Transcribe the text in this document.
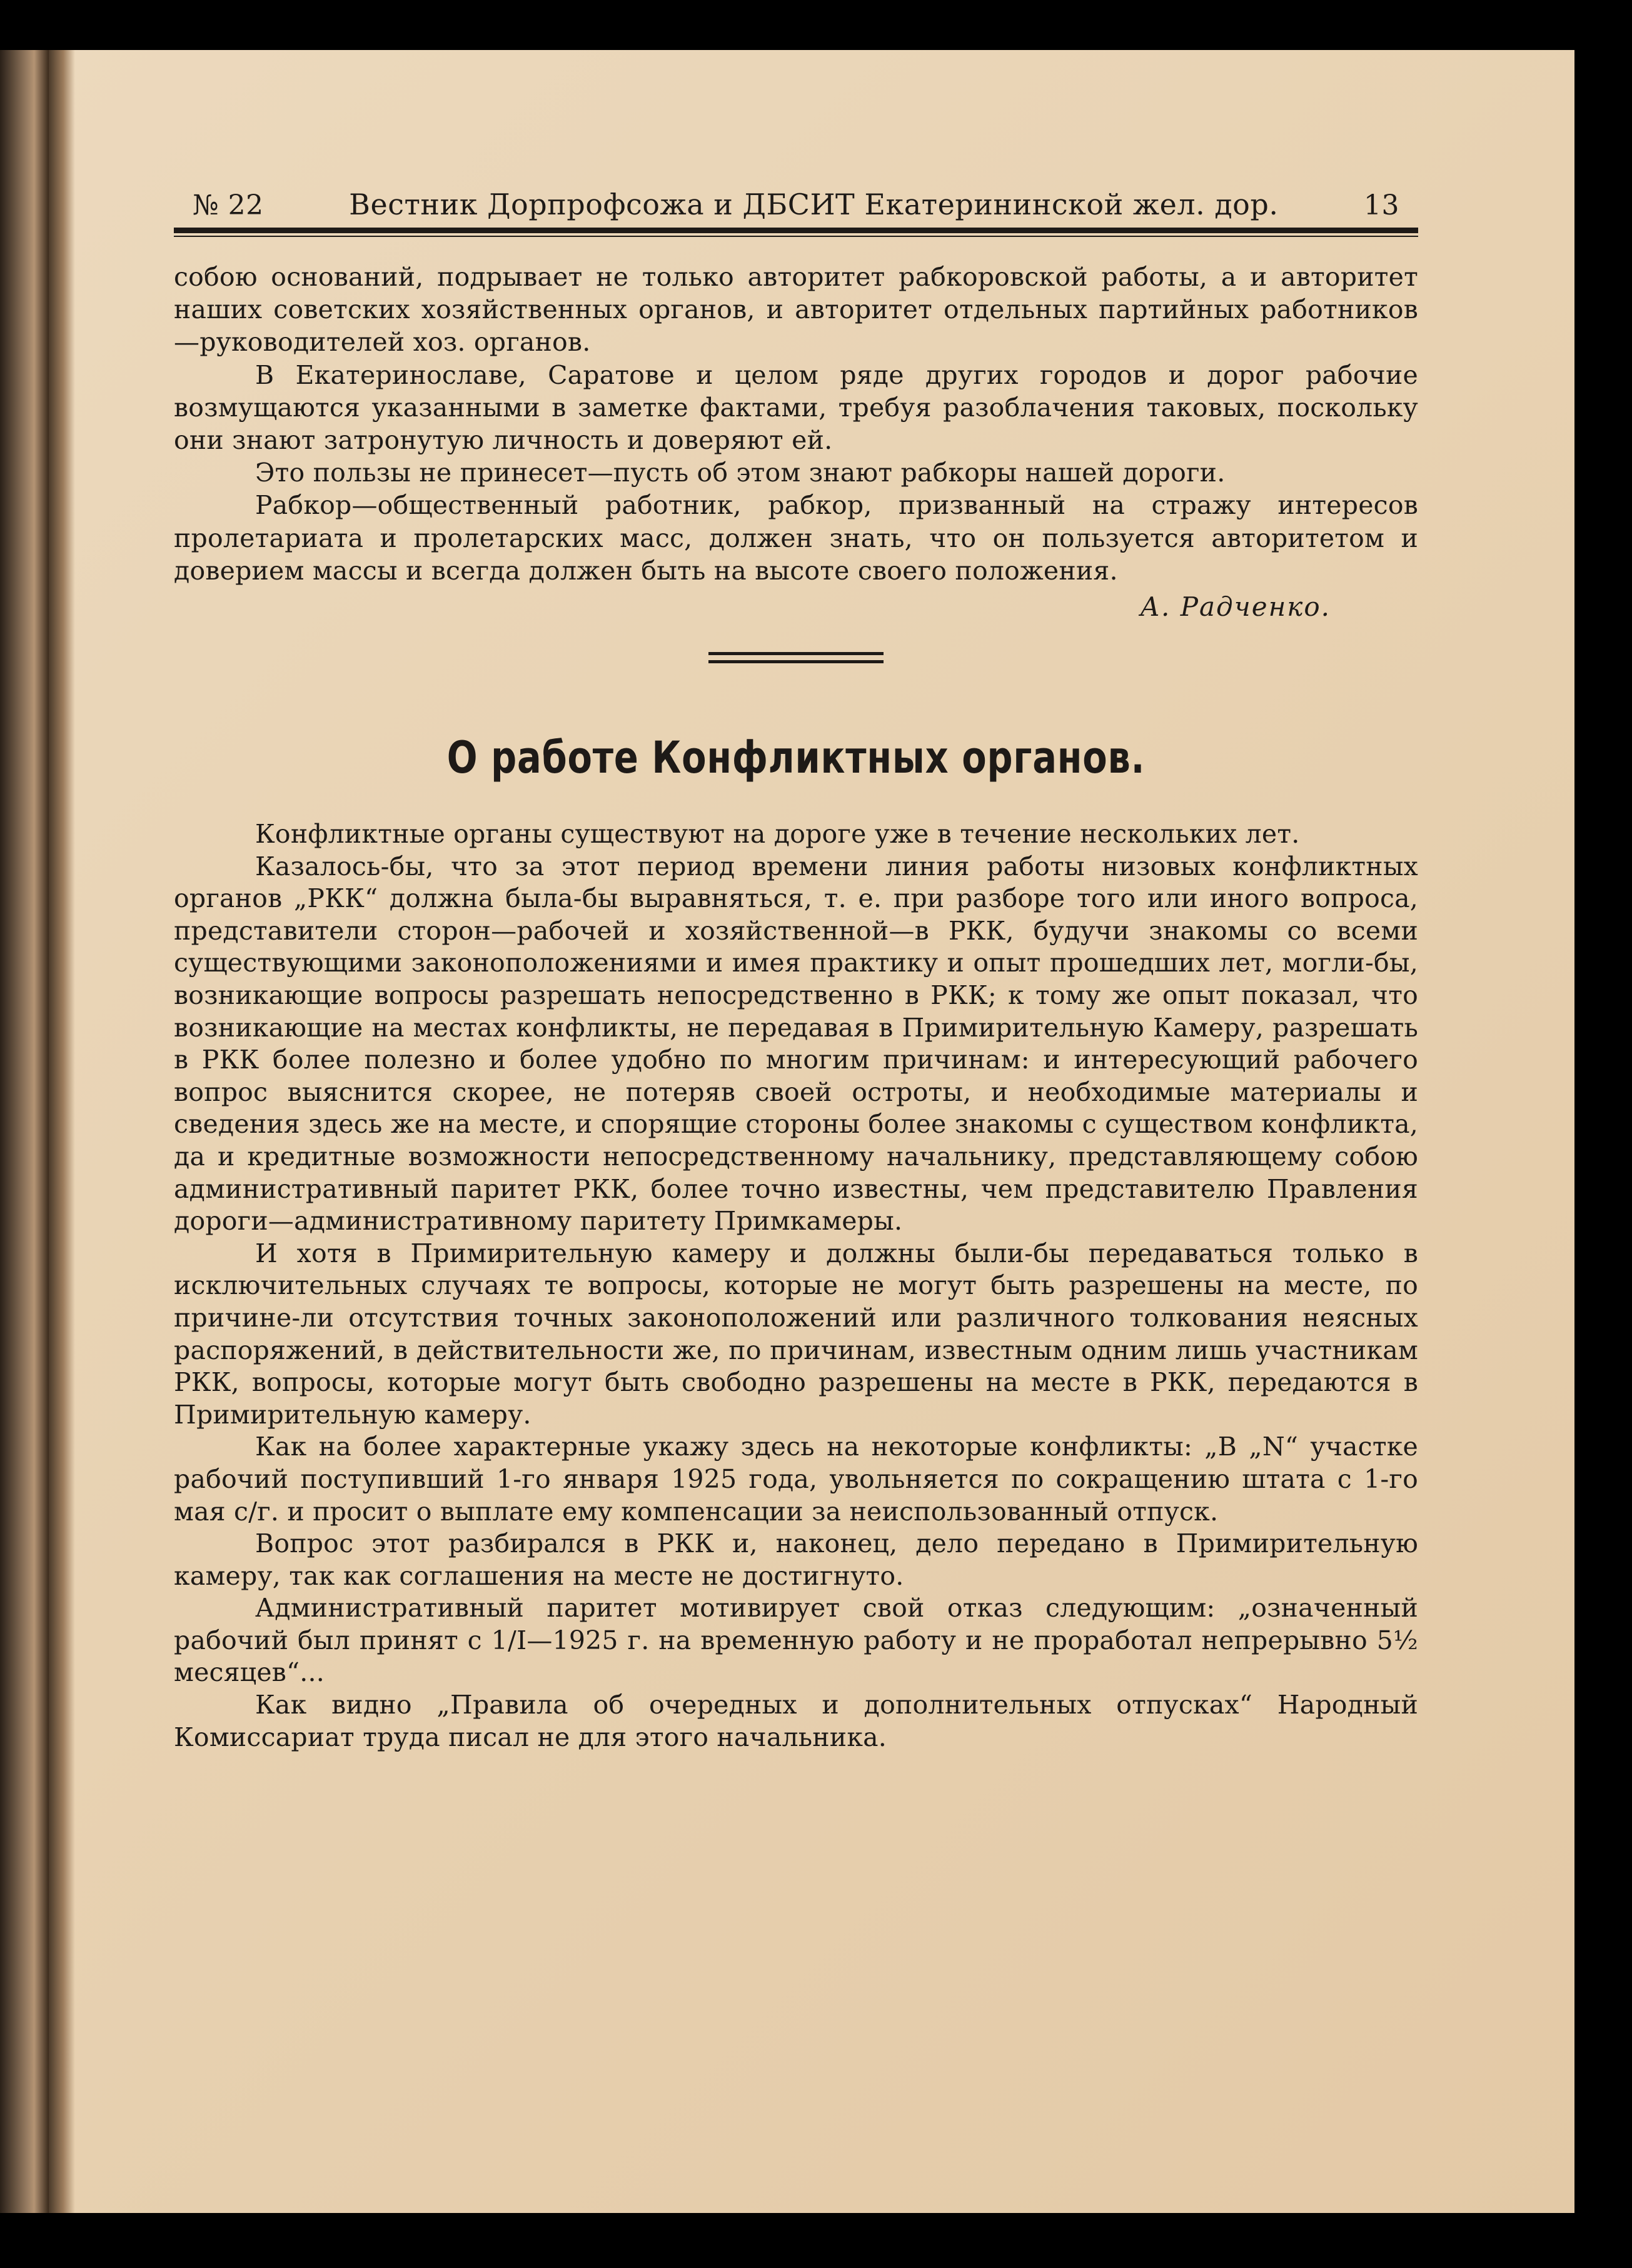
№ 22	Вестник Дорпрофсожа и ДБСИТ Екатерининской жел. дор.	13

собою оснований, подрывает не только авторитет рабкоровской работы, а и авторитет наших советских хозяйственных органов, и авторитет отдельных партийных работников—руководителей хоз. органов.

В Екатеринославе, Саратове и целом ряде других городов и дорог рабочие возмущаются указанными в заметке фактами, требуя разоблачения таковых, поскольку они знают затронутую личность и доверяют ей.

Это пользы не принесет—пусть об этом знают рабкоры нашей дороги.

Рабкор—общественный работник, рабкор, призванный на стражу интересов пролетариата и пролетарских масс, должен знать, что он пользуется авторитетом и доверием массы и всегда должен быть на высоте своего положения.

А. Радченко.
О работе Конфликтных органов.

Конфликтные органы существуют на дороге уже в течение нескольких лет.

Казалось-бы, что за этот период времени линия работы низовых конфликтных органов „РКК“ должна была-бы выравняться, т. е. при разборе того или иного вопроса, представители сторон—рабочей и хозяйственной—в РКК, будучи знакомы со всеми существующими законоположениями и имея практику и опыт прошедших лет, могли-бы, возникающие вопросы разрешать непосредственно в РКК; к тому же опыт показал, что возникающие на местах конфликты, не передавая в Примирительную Камеру, разрешать в РКК более полезно и более удобно по многим причинам: и интересующий рабочего вопрос выяснится скорее, не потеряв своей остроты, и необходимые материалы и сведения здесь же на месте, и спорящие стороны более знакомы с существом конфликта, да и кредитные возможности непосредственному начальнику, представляющему собою административный паритет РКК, более точно известны, чем представителю Правления дороги—административному паритету Примкамеры.

И хотя в Примирительную камеру и должны были-бы передаваться только в исключительных случаях те вопросы, которые не могут быть разрешены на месте, по причине-ли отсутствия точных законоположений или различного толкования неясных распоряжений, в действительности же, по причинам, известным одним лишь участникам РКК, вопросы, которые могут быть свободно разрешены на месте в РКК, передаются в Примирительную камеру.

Как на более характерные укажу здесь на некоторые конфликты: „В „N“ участке рабочий поступивший 1-го января 1925 года, увольняется по сокращению штата с 1-го мая с/г. и просит о выплате ему компенсации за неиспользованный отпуск.

Вопрос этот разбирался в РКК и, наконец, дело передано в Примирительную камеру, так как соглашения на месте не достигнуто.

Административный паритет мотивирует свой отказ следующим: „означенный рабочий был принят с 1/I—1925 г. на временную работу и не проработал непрерывно 5½ месяцев“...

Как видно „Правила об очередных и дополнительных отпусках“ Народный Комиссариат труда писал не для этого начальника.
